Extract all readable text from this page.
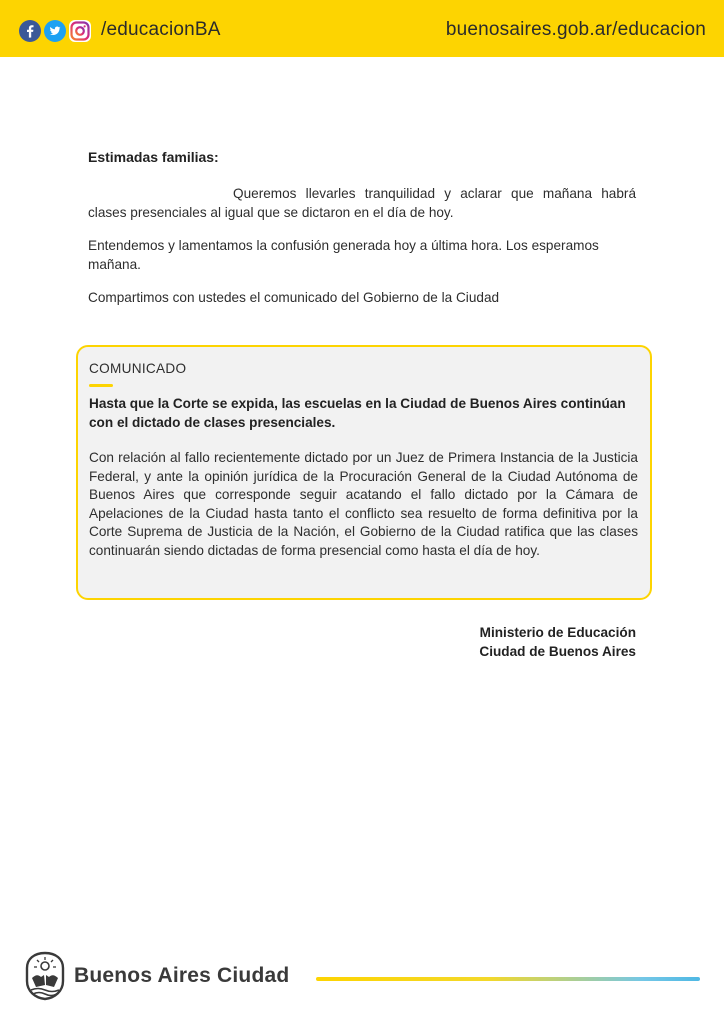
/educacionBA	buenosaires.gob.ar/educacion
Estimadas familias:
Queremos llevarles tranquilidad y aclarar que mañana habrá clases presenciales al igual que se dictaron en el día de hoy.
Entendemos y lamentamos la confusión generada hoy a última hora. Los esperamos mañana.
Compartimos con ustedes el comunicado del Gobierno de la Ciudad
COMUNICADO
Hasta que la Corte se expida, las escuelas en la Ciudad de Buenos Aires continúan con el dictado de clases presenciales.
Con relación al fallo recientemente dictado por un Juez de Primera Instancia de la Justicia Federal, y ante la opinión jurídica de la Procuración General de la Ciudad Autónoma de Buenos Aires que corresponde seguir acatando el fallo dictado por la Cámara de Apelaciones de la Ciudad hasta tanto el conflicto sea resuelto de forma definitiva por la Corte Suprema de Justicia de la Nación, el Gobierno de la Ciudad ratifica que las clases continuarán siendo dictadas de forma presencial como hasta el día de hoy.
Ministerio de Educación
Ciudad de Buenos Aires
Buenos Aires Ciudad
